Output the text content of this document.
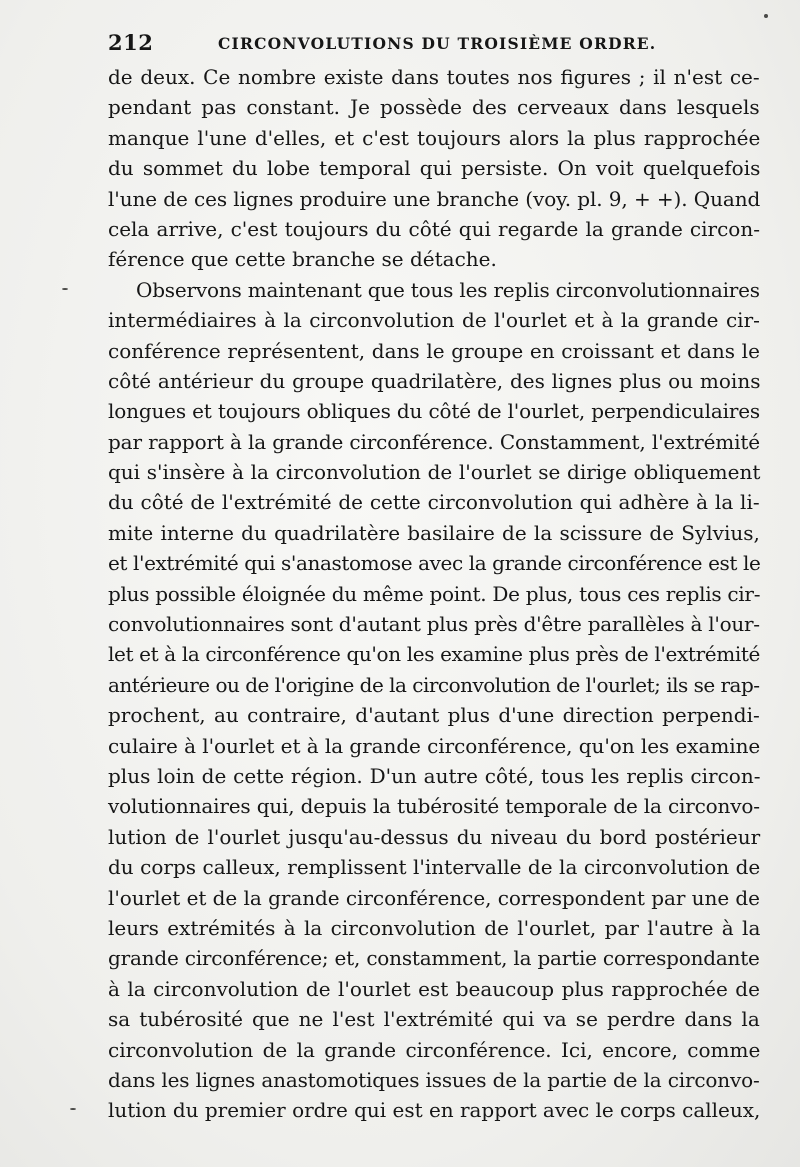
212	CIRCONVOLUTIONS DU TROISIÈME ORDRE.
de deux. Ce nombre existe dans toutes nos figures ; il n'est ce-
pendant pas constant. Je possède des cerveaux dans lesquels
manque l'une d'elles, et c'est toujours alors la plus rapprochée
du sommet du lobe temporal qui persiste. On voit quelquefois
l'une de ces lignes produire une branche (voy. pl. 9, + +). Quand
cela arrive, c'est toujours du côté qui regarde la grande circon-
férence que cette branche se détache.
Observons maintenant que tous les replis circonvolutionnaires
intermédiaires à la circonvolution de l'ourlet et à la grande cir-
conférence représentent, dans le groupe en croissant et dans le
côté antérieur du groupe quadrilatère, des lignes plus ou moins
longues et toujours obliques du côté de l'ourlet, perpendiculaires
par rapport à la grande circonférence. Constamment, l'extrémité
qui s'insère à la circonvolution de l'ourlet se dirige obliquement
du côté de l'extrémité de cette circonvolution qui adhère à la li-
mite interne du quadrilatère basilaire de la scissure de Sylvius,
et l'extrémité qui s'anastomose avec la grande circonférence est le
plus possible éloignée du même point. De plus, tous ces replis cir-
convolutionnaires sont d'autant plus près d'être parallèles à l'our-
let et à la circonférence qu'on les examine plus près de l'extrémité
antérieure ou de l'origine de la circonvolution de l'ourlet; ils se rap-
prochent, au contraire, d'autant plus d'une direction perpendi-
culaire à l'ourlet et à la grande circonférence, qu'on les examine
plus loin de cette région. D'un autre côté, tous les replis circon-
volutionnaires qui, depuis la tubérosité temporale de la circonvo-
lution de l'ourlet jusqu'au-dessus du niveau du bord postérieur
du corps calleux, remplissent l'intervalle de la circonvolution de
l'ourlet et de la grande circonférence, correspondent par une de
leurs extrémités à la circonvolution de l'ourlet, par l'autre à la
grande circonférence; et, constamment, la partie correspondante
à la circonvolution de l'ourlet est beaucoup plus rapprochée de
sa tubérosité que ne l'est l'extrémité qui va se perdre dans la
circonvolution de la grande circonférence. Ici, encore, comme
dans les lignes anastomotiques issues de la partie de la circonvo-
lution du premier ordre qui est en rapport avec le corps calleux,
